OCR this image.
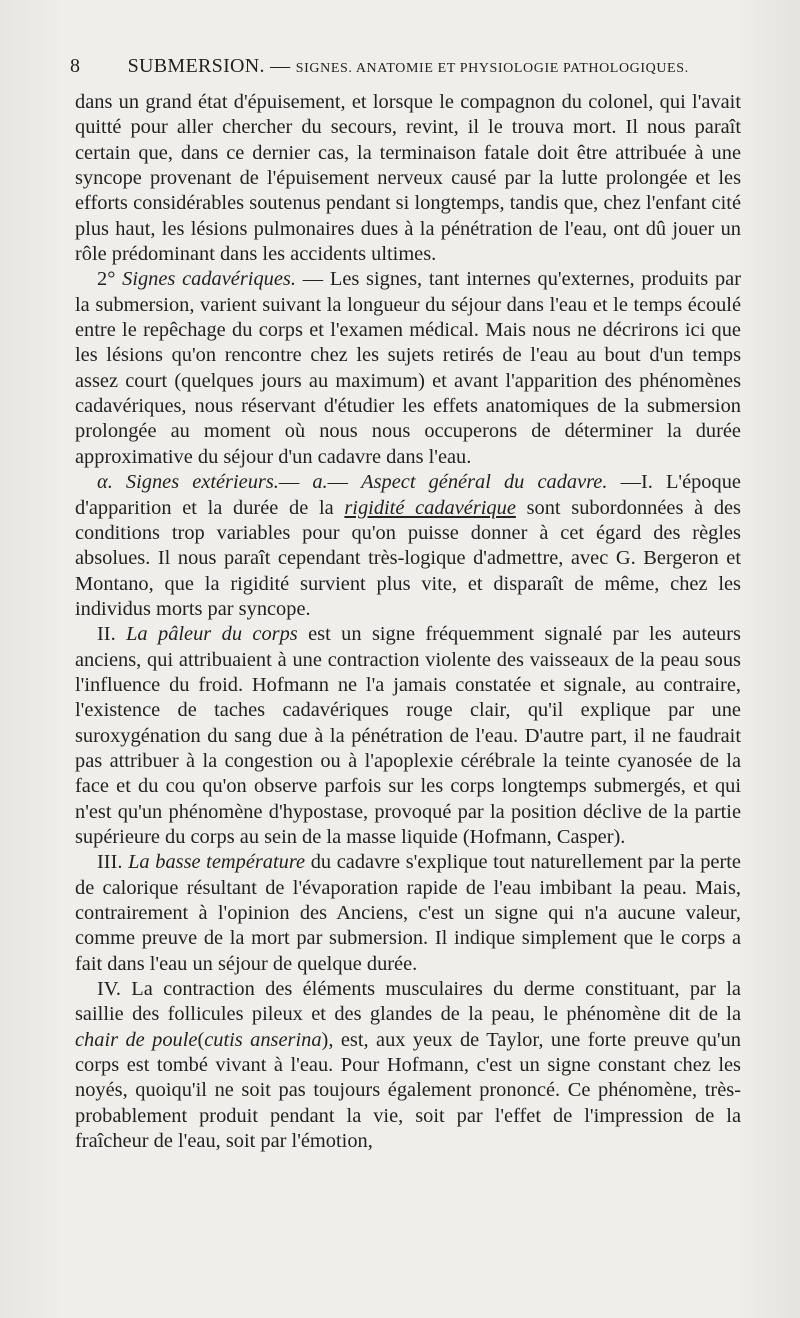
8 SUBMERSION. — SIGNES. ANATOMIE ET PHYSIOLOGIE PATHOLOGIQUES.

dans un grand état d'épuisement, et lorsque le compagnon du colonel, qui l'avait quitté pour aller chercher du secours, revint, il le trouva mort. Il nous paraît certain que, dans ce dernier cas, la terminaison fatale doit être attribuée à une syncope provenant de l'épuisement nerveux causé par la lutte prolongée et les efforts considérables soutenus pendant si longtemps, tandis que, chez l'enfant cité plus haut, les lésions pulmonaires dues à la pénétration de l'eau, ont dû jouer un rôle prédominant dans les accidents ultimes.

2° Signes cadavériques. — Les signes, tant internes qu'externes, produits par la submersion, varient suivant la longueur du séjour dans l'eau et le temps écoulé entre le repêchage du corps et l'examen médical. Mais nous ne décrirons ici que les lésions qu'on rencontre chez les sujets retirés de l'eau au bout d'un temps assez court (quelques jours au maximum) et avant l'apparition des phénomènes cadavériques, nous réservant d'étudier les effets anatomiques de la submersion prolongée au moment où nous nous occuperons de déterminer la durée approximative du séjour d'un cadavre dans l'eau.

α. Signes extérieurs.— a.— Aspect général du cadavre. —I. L'époque d'apparition et la durée de la rigidité cadavérique sont subordonnées à des conditions trop variables pour qu'on puisse donner à cet égard des règles absolues. Il nous paraît cependant très-logique d'admettre, avec G. Bergeron et Montano, que la rigidité survient plus vite, et disparaît de même, chez les individus morts par syncope.

II. La pâleur du corps est un signe fréquemment signalé par les auteurs anciens, qui attribuaient à une contraction violente des vaisseaux de la peau sous l'influence du froid. Hofmann ne l'a jamais constatée et signale, au contraire, l'existence de taches cadavériques rouge clair, qu'il explique par une suroxygénation du sang due à la pénétration de l'eau. D'autre part, il ne faudrait pas attribuer à la congestion ou à l'apoplexie cérébrale la teinte cyanosée de la face et du cou qu'on observe parfois sur les corps longtemps submergés, et qui n'est qu'un phénomène d'hypostase, provoqué par la position déclive de la partie supérieure du corps au sein de la masse liquide (Hofmann, Casper).

III. La basse température du cadavre s'explique tout naturellement par la perte de calorique résultant de l'évaporation rapide de l'eau imbibant la peau. Mais, contrairement à l'opinion des Anciens, c'est un signe qui n'a aucune valeur, comme preuve de la mort par submersion. Il indique simplement que le corps a fait dans l'eau un séjour de quelque durée.

IV. La contraction des éléments musculaires du derme constituant, par la saillie des follicules pileux et des glandes de la peau, le phénomène dit de la chair de poule(cutis anserina), est, aux yeux de Taylor, une forte preuve qu'un corps est tombé vivant à l'eau. Pour Hofmann, c'est un signe constant chez les noyés, quoiqu'il ne soit pas toujours également prononcé. Ce phénomène, très-probablement produit pendant la vie, soit par l'effet de l'impression de la fraîcheur de l'eau, soit par l'émotion,
